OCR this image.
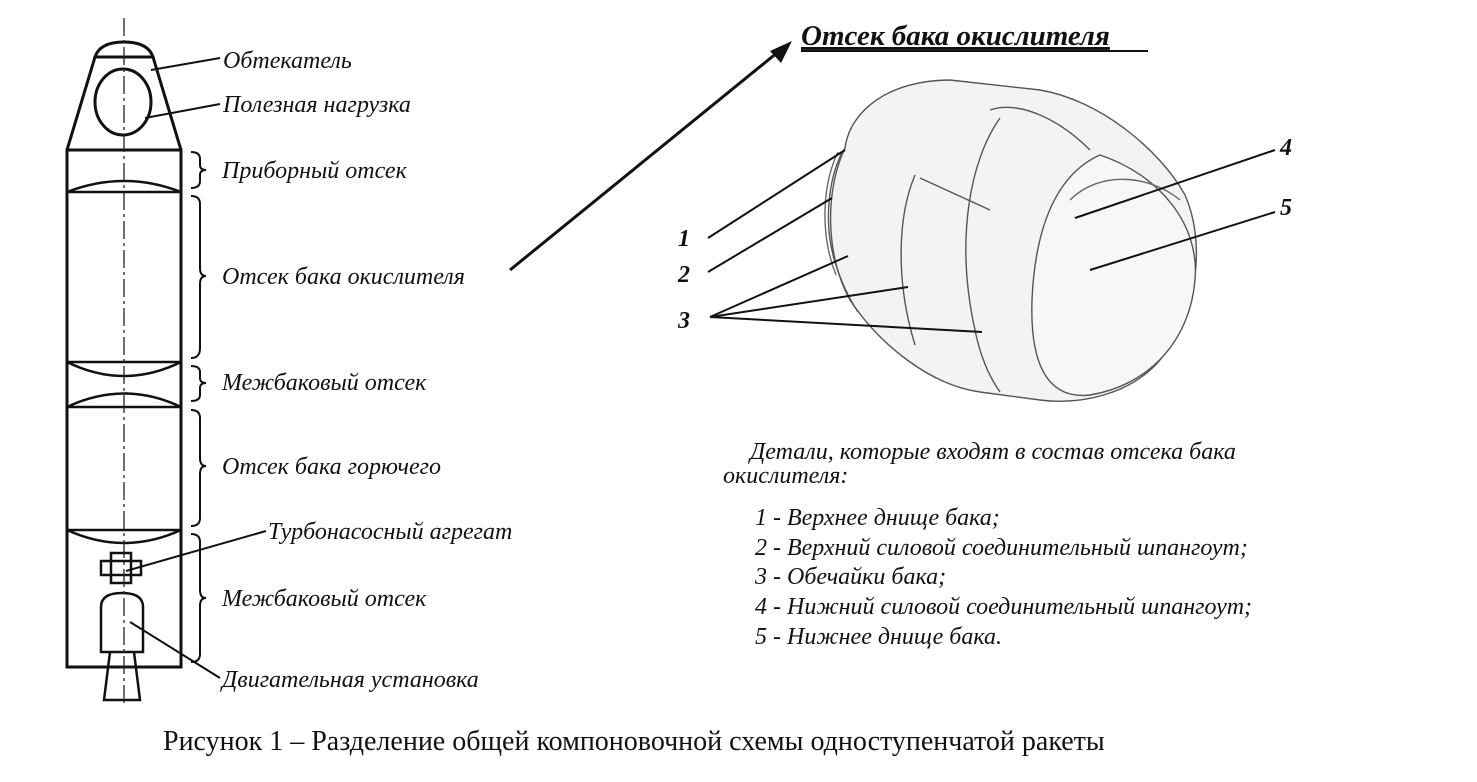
Обтекатель
Полезная нагрузка
Приборный отсек
Отсек бака окислителя
Межбаковый отсек
Отсек бака горючего
Турбонасосный агрегат
Межбаковый отсек
Двигательная установка
Отсек бака окислителя
1
2
3
4
5
Детали, которые входят в состав отсека бака
окислителя:
1 - Верхнее днище бака;
2 - Верхний силовой соединительный шпангоут;
3 - Обечайки бака;
4 - Нижний силовой соединительный шпангоут;
5 - Нижнее днище бака.
Рисунок 1 – Разделение общей компоновочной схемы одноступенчатой ракеты
